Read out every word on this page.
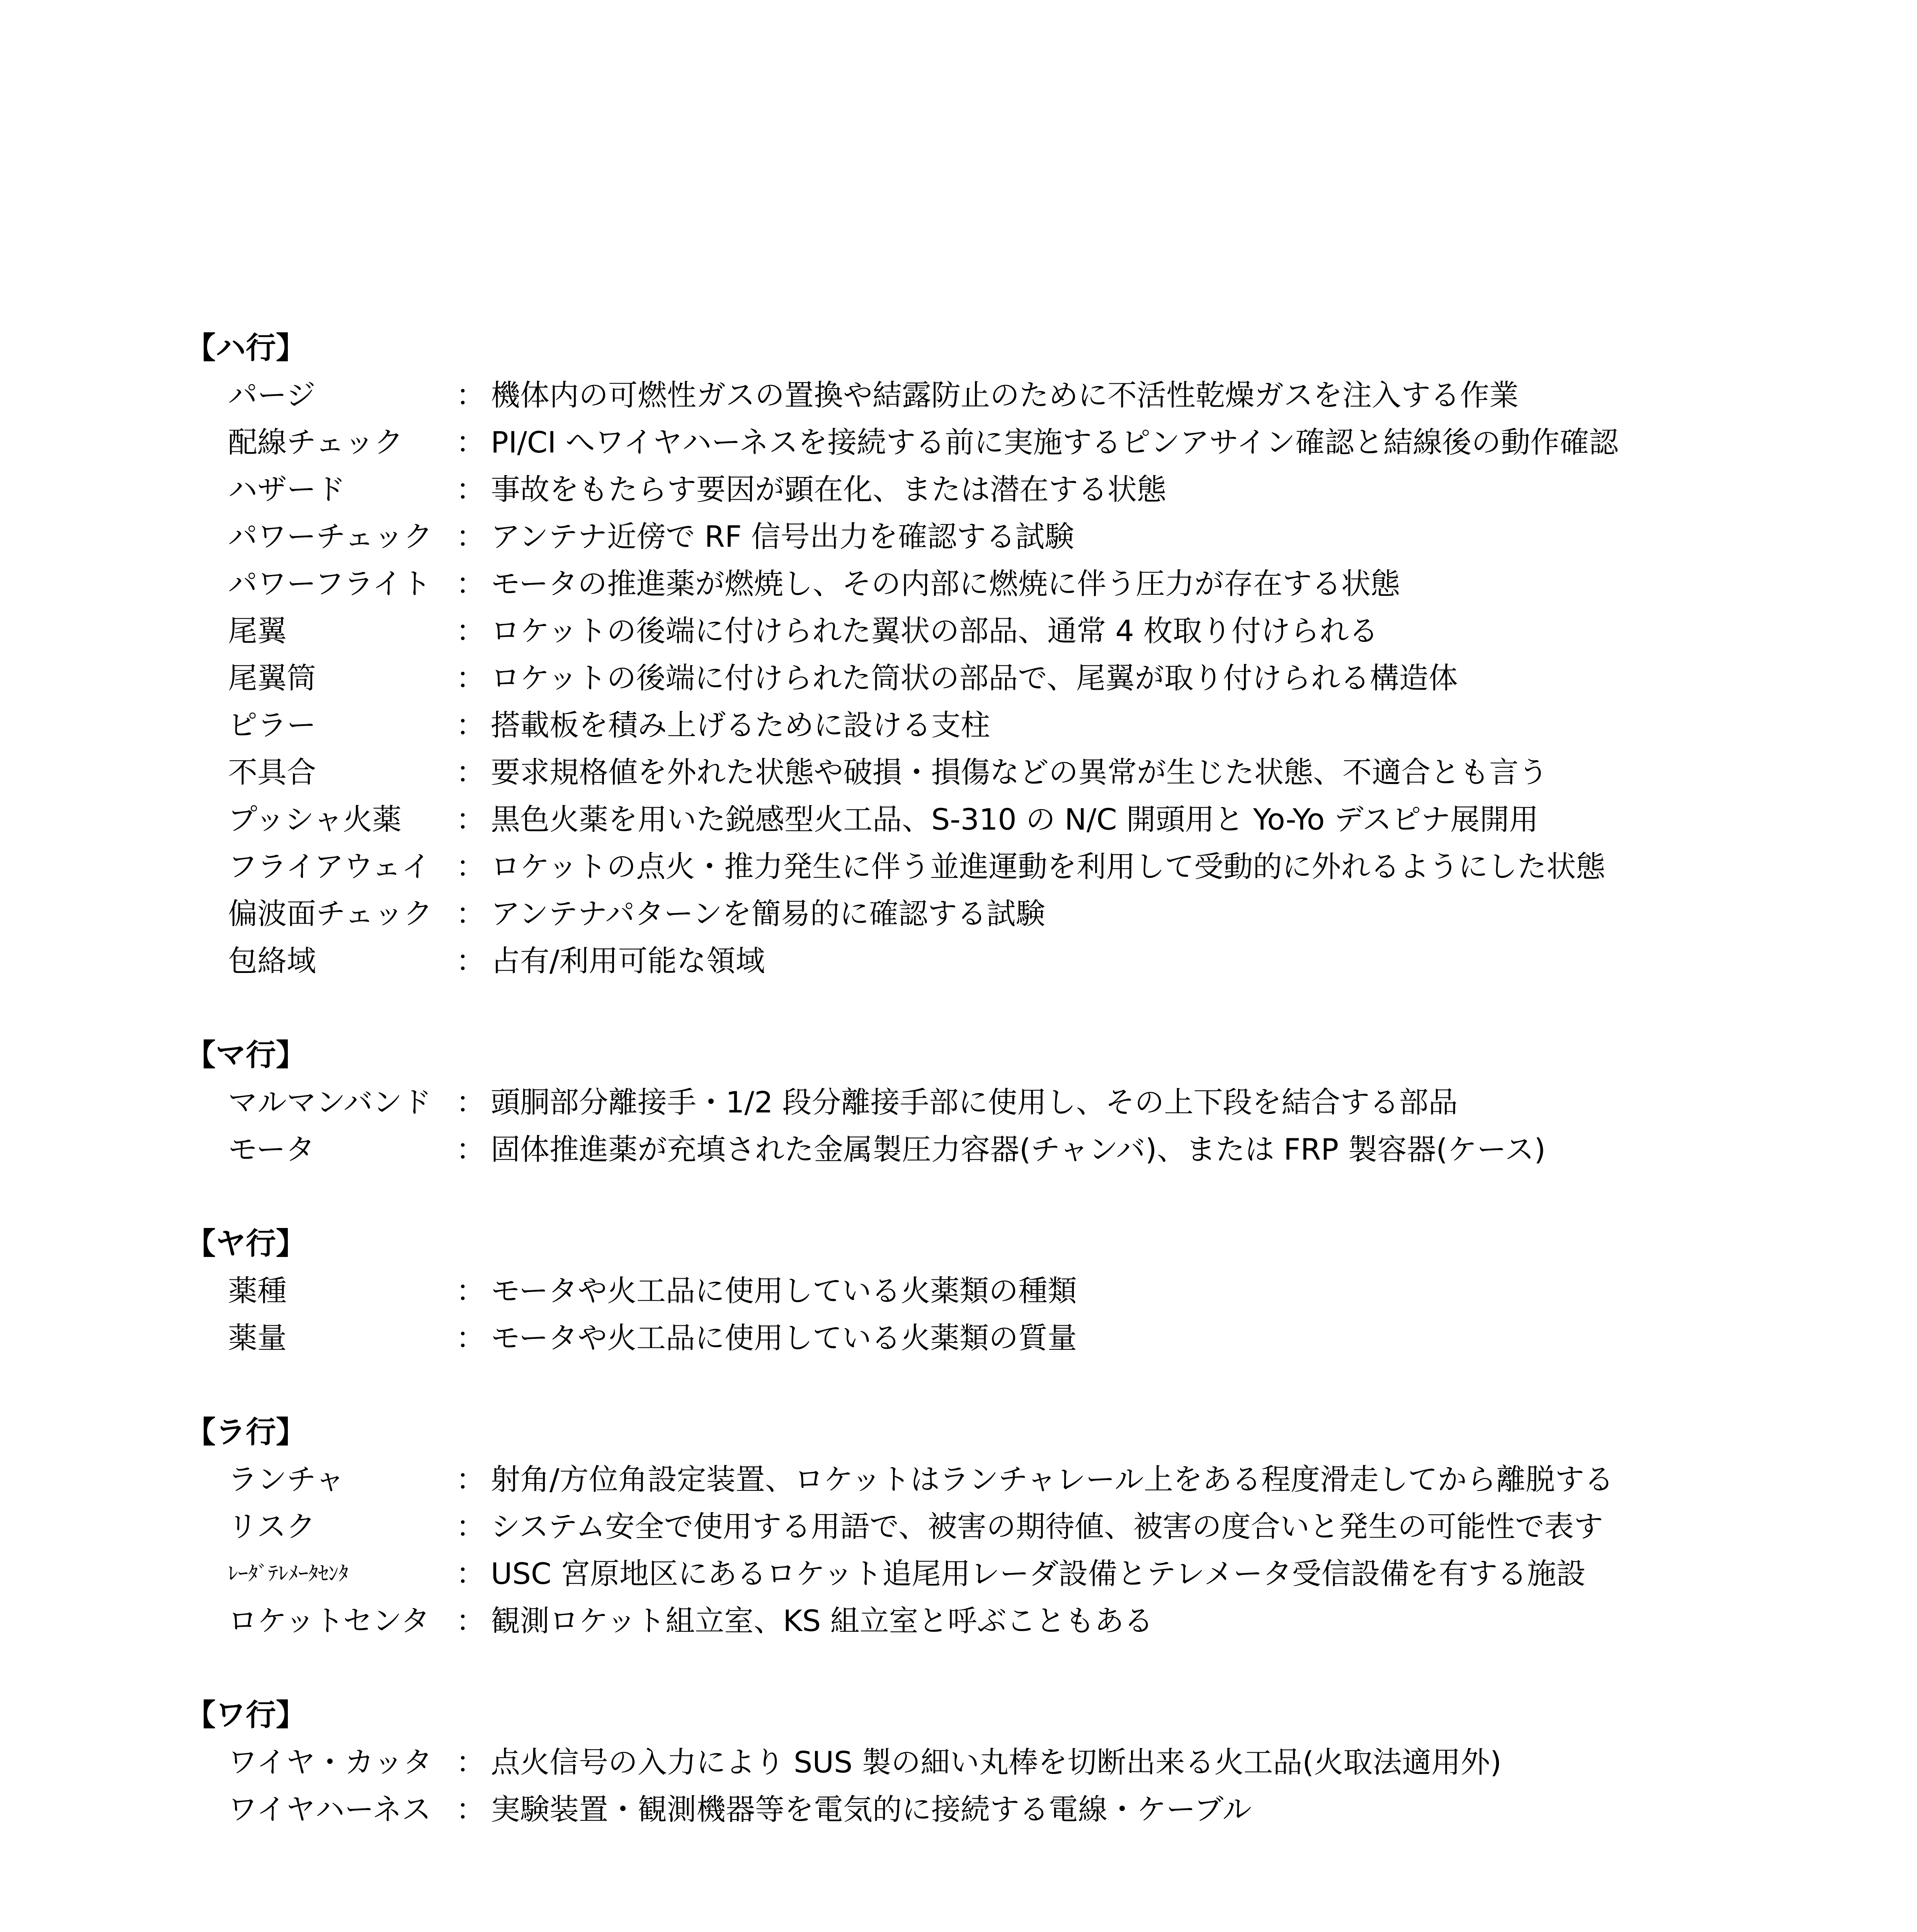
【ハ行】
パージ	： 機体内の可燃性ガスの置換や結露防止のために不活性乾燥ガスを注入する作業
配線チェック ： PI/CI へワイヤハーネスを接続する前に実施するピンアサイン確認と結線後の動作確認
ハザード	： 事故をもたらす要因が顕在化、または潜在する状態
パワーチェック ： アンテナ近傍で RF 信号出力を確認する試験
パワーフライト ： モータの推進薬が燃焼し、その内部に燃焼に伴う圧力が存在する状態
尾翼	： ロケットの後端に付けられた翼状の部品、通常 4 枚取り付けられる
尾翼筒	： ロケットの後端に付けられた筒状の部品で、尾翼が取り付けられる構造体
ピラー	： 搭載板を積み上げるために設ける支柱
不具合	： 要求規格値を外れた状態や破損・損傷などの異常が生じた状態、不適合とも言う
プッシャ火薬 ： 黒色火薬を用いた鋭感型火工品、S-310 の N/C 開頭用と Yo-Yo デスピナ展開用
フライアウェイ ： ロケットの点火・推力発生に伴う並進運動を利用して受動的に外れるようにした状態
偏波面チェック ： アンテナパターンを簡易的に確認する試験
包絡域	： 占有/利用可能な領域
【マ行】
マルマンバンド ： 頭胴部分離接手・1/2 段分離接手部に使用し、その上下段を結合する部品
モータ	： 固体推進薬が充填された金属製圧力容器(チャンバ)、または FRP 製容器(ケース)
【ヤ行】
薬種	： モータや火工品に使用している火薬類の種類
薬量	： モータや火工品に使用している火薬類の質量
【ラ行】
ランチャ	： 射角/方位角設定装置、ロケットはランチャレール上をある程度滑走してから離脱する
リスク	： システム安全で使用する用語で、被害の期待値、被害の度合いと発生の可能性で表す
ﾚｰﾀﾞﾃﾚﾒｰﾀｾﾝﾀ	： USC 宮原地区にあるロケット追尾用レーダ設備とテレメータ受信設備を有する施設
ロケットセンタ ： 観測ロケット組立室、KS 組立室と呼ぶこともある
【ワ行】
ワイヤ・カッタ ： 点火信号の入力により SUS 製の細い丸棒を切断出来る火工品(火取法適用外)
ワイヤハーネス ： 実験装置・観測機器等を電気的に接続する電線・ケーブル
